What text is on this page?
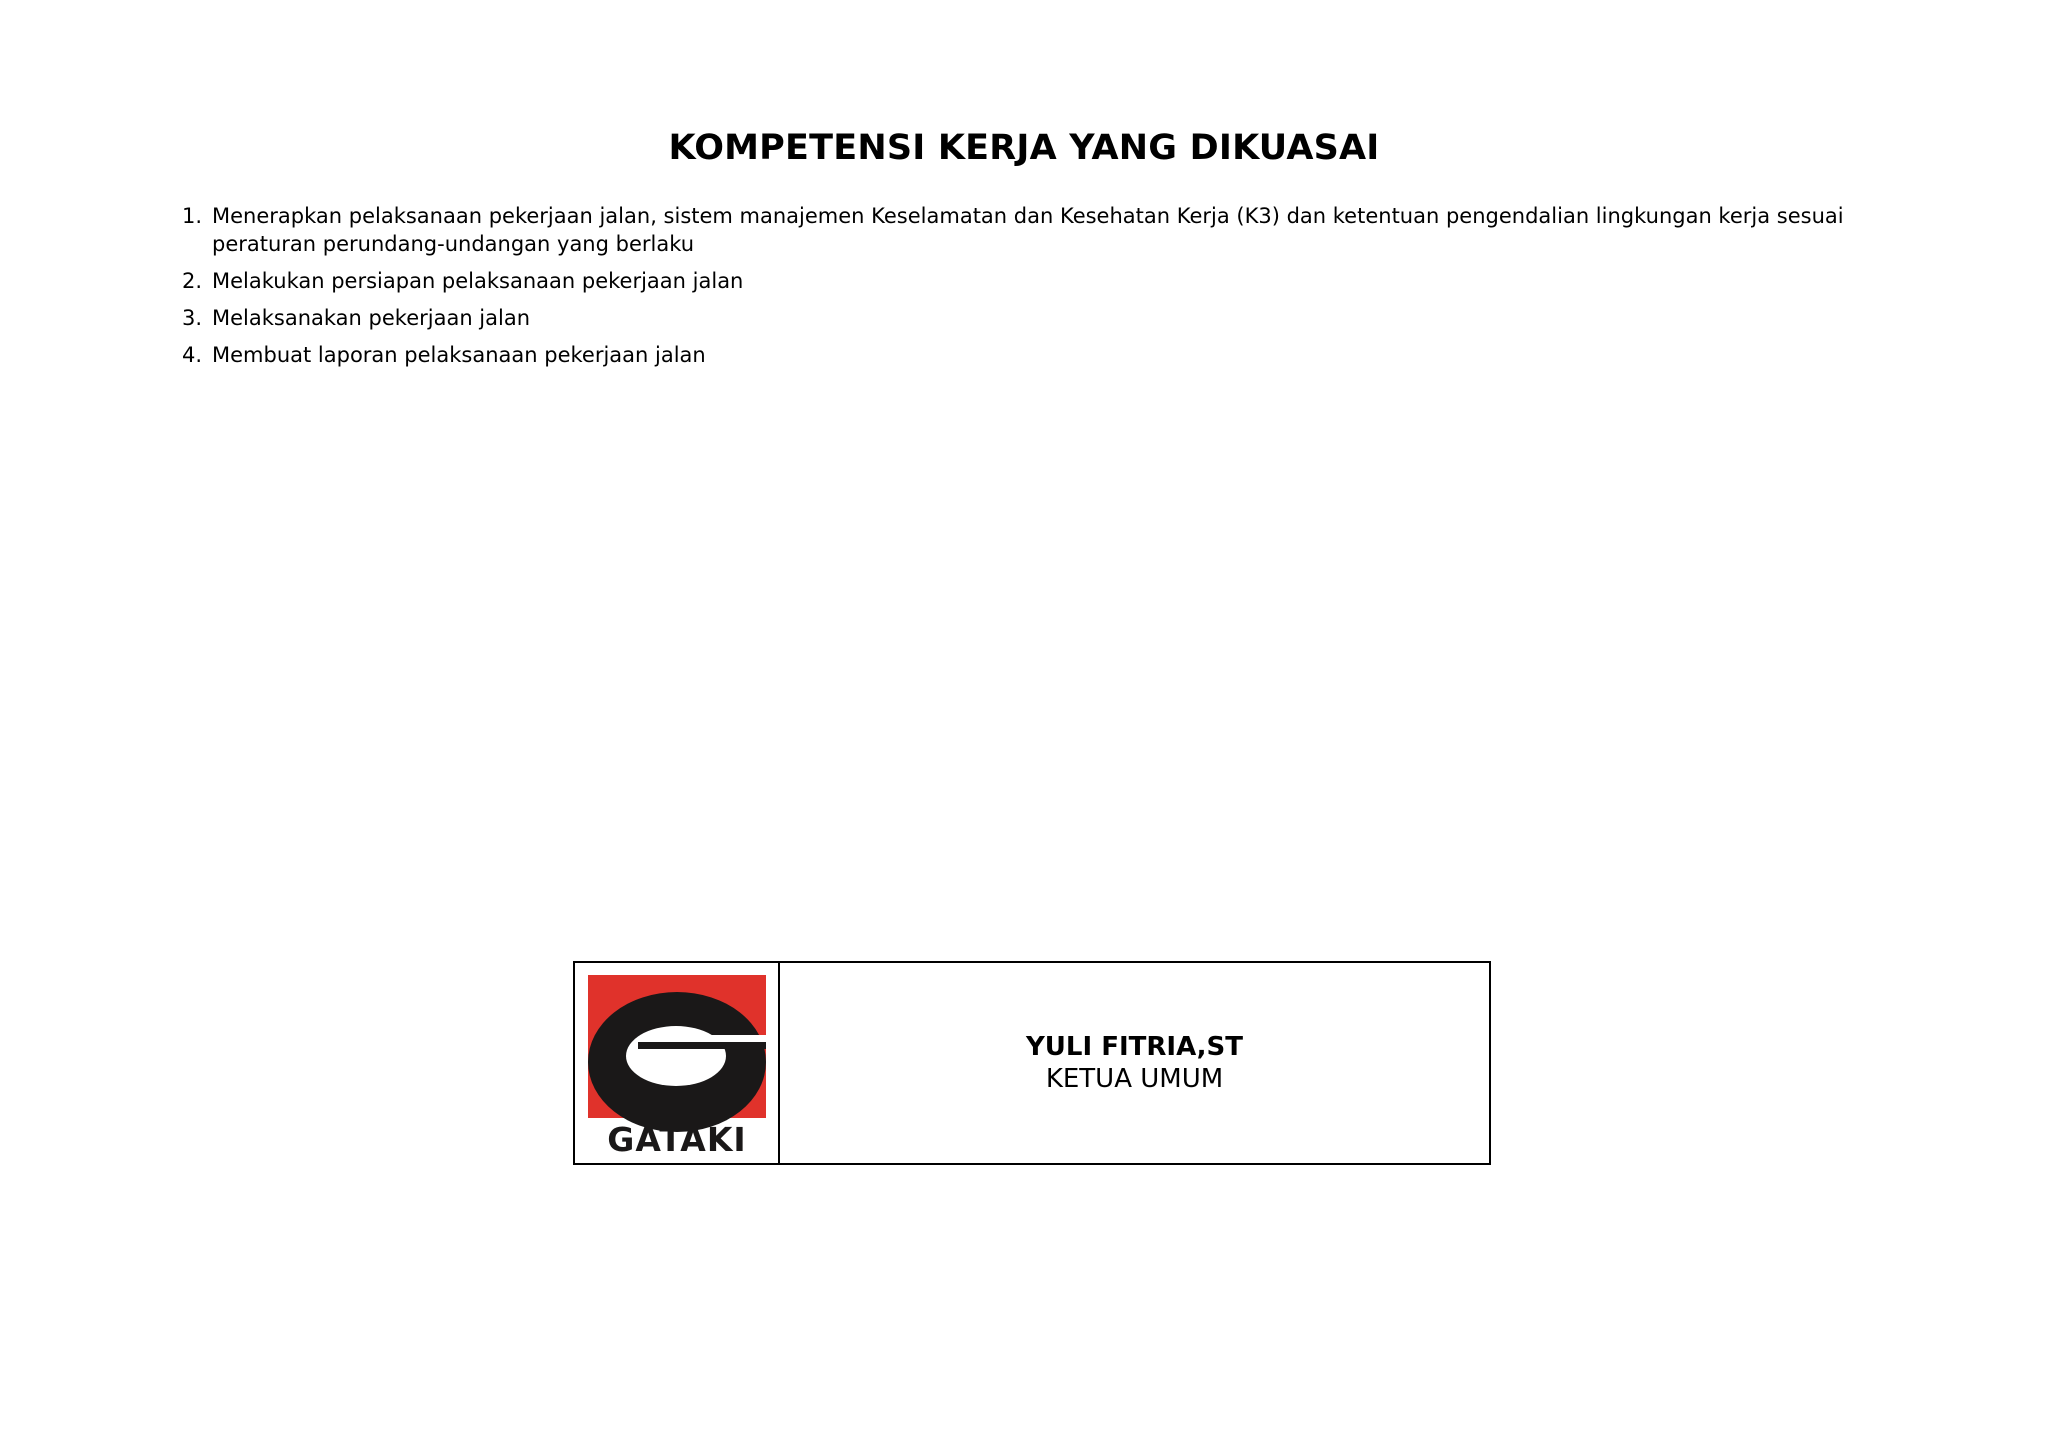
KOMPETENSI KERJA YANG DIKUASAI
1. Menerapkan pelaksanaan pekerjaan jalan, sistem manajemen Keselamatan dan Kesehatan Kerja (K3) dan ketentuan pengendalian lingkungan kerja sesuai peraturan perundang-undangan yang berlaku
2. Melakukan persiapan pelaksanaan pekerjaan jalan
3. Melaksanakan pekerjaan jalan
4. Membuat laporan pelaksanaan pekerjaan jalan
GATAKI
YULI FITRIA,ST
KETUA UMUM
